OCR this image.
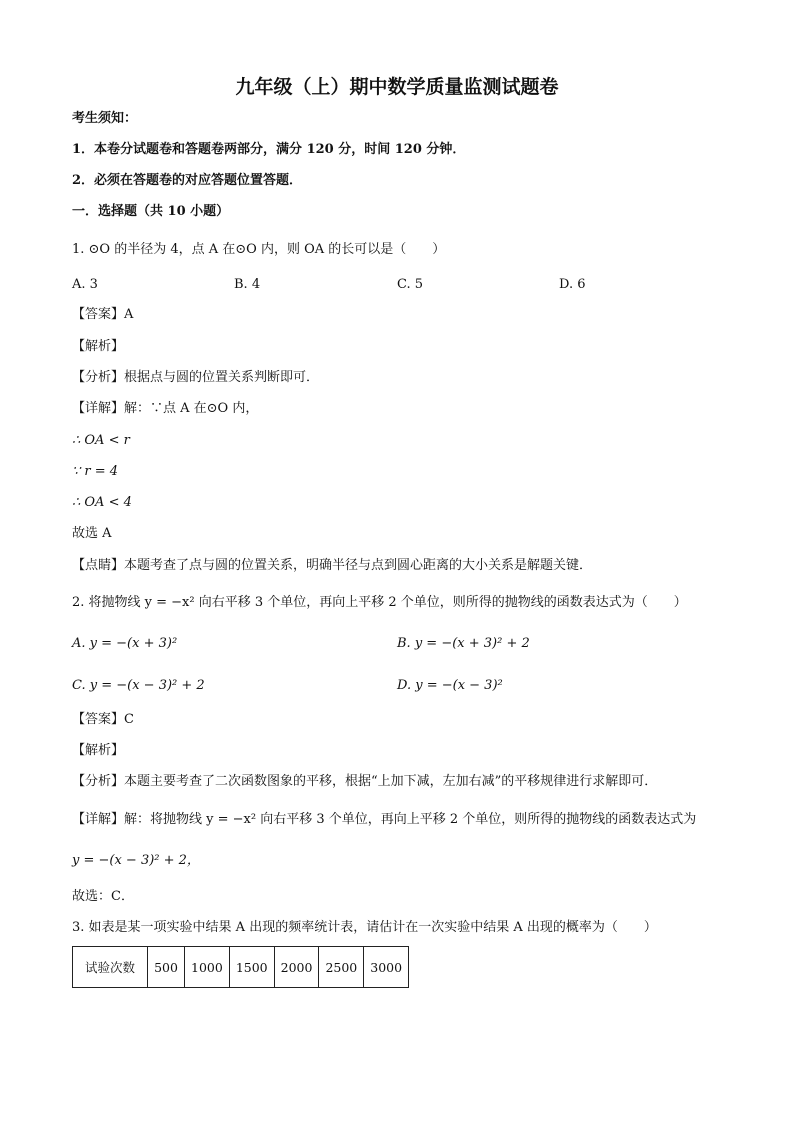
九年级（上）期中数学质量监测试题卷
考生须知：
1．本卷分试题卷和答题卷两部分，满分 120 分，时间 120 分钟．
2．必须在答题卷的对应答题位置答题．
一．选择题（共 10 小题）
1. ⊙O 的半径为 4，点 A 在⊙O 内，则 OA 的长可以是（　　）
A. 3	B. 4	C. 5	D. 6
【答案】A
【解析】
【分析】根据点与圆的位置关系判断即可．
【详解】解：∵点 A 在⊙O 内，
∴ OA < r
∵ r = 4
∴ OA < 4
故选 A
【点睛】本题考查了点与圆的位置关系，明确半径与点到圆心距离的大小关系是解题关键．
2. 将抛物线 y = −x² 向右平移 3 个单位，再向上平移 2 个单位，则所得的抛物线的函数表达式为（　　）
A. y = −(x + 3)²	B. y = −(x + 3)² + 2
C. y = −(x − 3)² + 2	D. y = −(x − 3)²
【答案】C
【解析】
【分析】本题主要考查了二次函数图象的平移，根据“上加下减，左加右减”的平移规律进行求解即可．
【详解】解：将抛物线 y = −x² 向右平移 3 个单位，再向上平移 2 个单位，则所得的抛物线的函数表达式为
y = −(x − 3)² + 2，
故选：C．
3. 如表是某一项实验中结果 A 出现的频率统计表，请估计在一次实验中结果 A 出现的概率为（　　）
试验次数	500	1000	1500	2000	2500	3000
